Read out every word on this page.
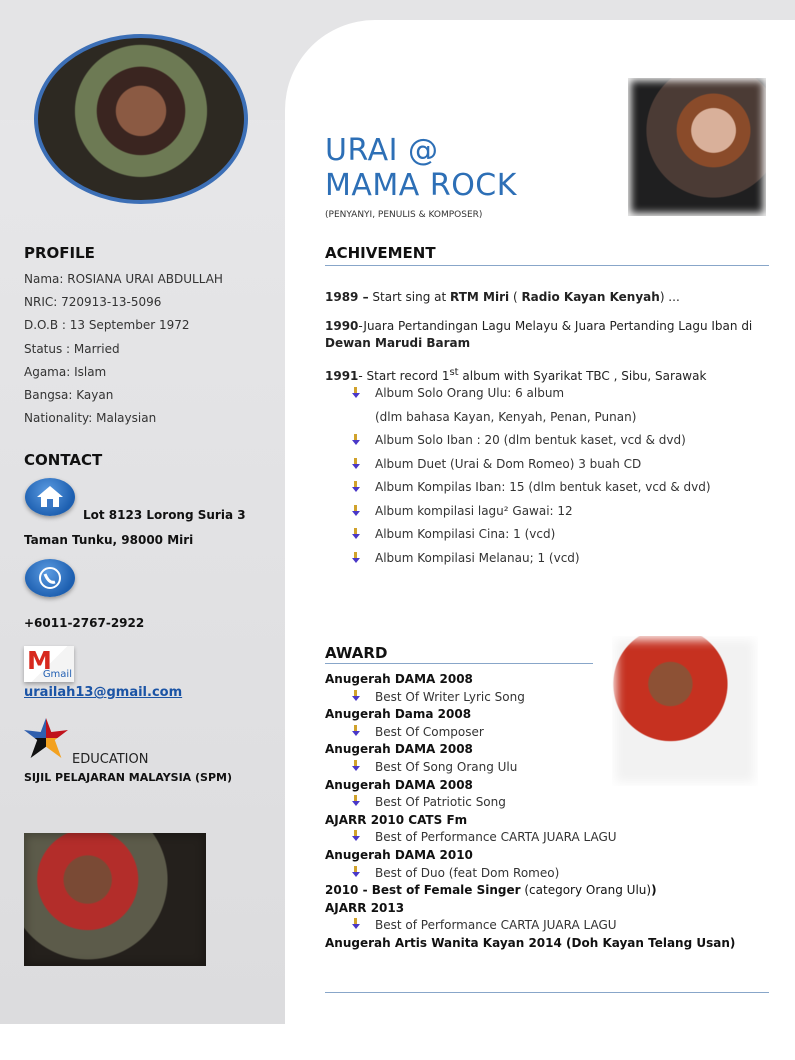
PROFILE
Nama: ROSIANA URAI ABDULLAH
NRIC: 720913-13-5096
D.O.B : 13 September 1972
Status : Married
Agama: Islam
Bangsa: Kayan
Nationality: Malaysian
CONTACT
Lot 8123 Lorong Suria 3
Taman Tunku, 98000 Miri
+6011-2767-2922
M
Gmail
urailah13@gmail.com
EDUCATION
SIJIL PELAJARAN MALAYSIA (SPM)
URAI @
MAMA ROCK
(PENYANYI, PENULIS & KOMPOSER)
ACHIVEMENT
1989 – Start sing at RTM Miri ( Radio Kayan Kenyah) ...
1990-Juara Pertandingan Lagu Melayu & Juara Pertanding Lagu Iban di Dewan Marudi Baram
1991- Start record 1st album with Syarikat TBC , Sibu, Sarawak
Album Solo Orang Ulu: 6 album
(dlm bahasa Kayan, Kenyah, Penan, Punan)
Album Solo Iban : 20 (dlm bentuk kaset, vcd & dvd)
Album Duet (Urai & Dom Romeo) 3 buah CD
Album Kompilas Iban: 15 (dlm bentuk kaset, vcd & dvd)
Album kompilasi lagu² Gawai: 12
Album Kompilasi Cina: 1 (vcd)
Album Kompilasi Melanau; 1 (vcd)
AWARD
Anugerah DAMA 2008
Best Of Writer Lyric Song
Anugerah Dama 2008
Best Of Composer
Anugerah DAMA 2008
Best Of Song Orang Ulu
Anugerah DAMA 2008
Best Of Patriotic Song
AJARR 2010 CATS Fm
Best of Performance CARTA JUARA LAGU
Anugerah DAMA 2010
Best of Duo (feat Dom Romeo)
2010 - Best of Female Singer (category Orang Ulu))
AJARR 2013
Best of Performance CARTA JUARA LAGU
Anugerah Artis Wanita Kayan 2014 (Doh Kayan Telang Usan)
